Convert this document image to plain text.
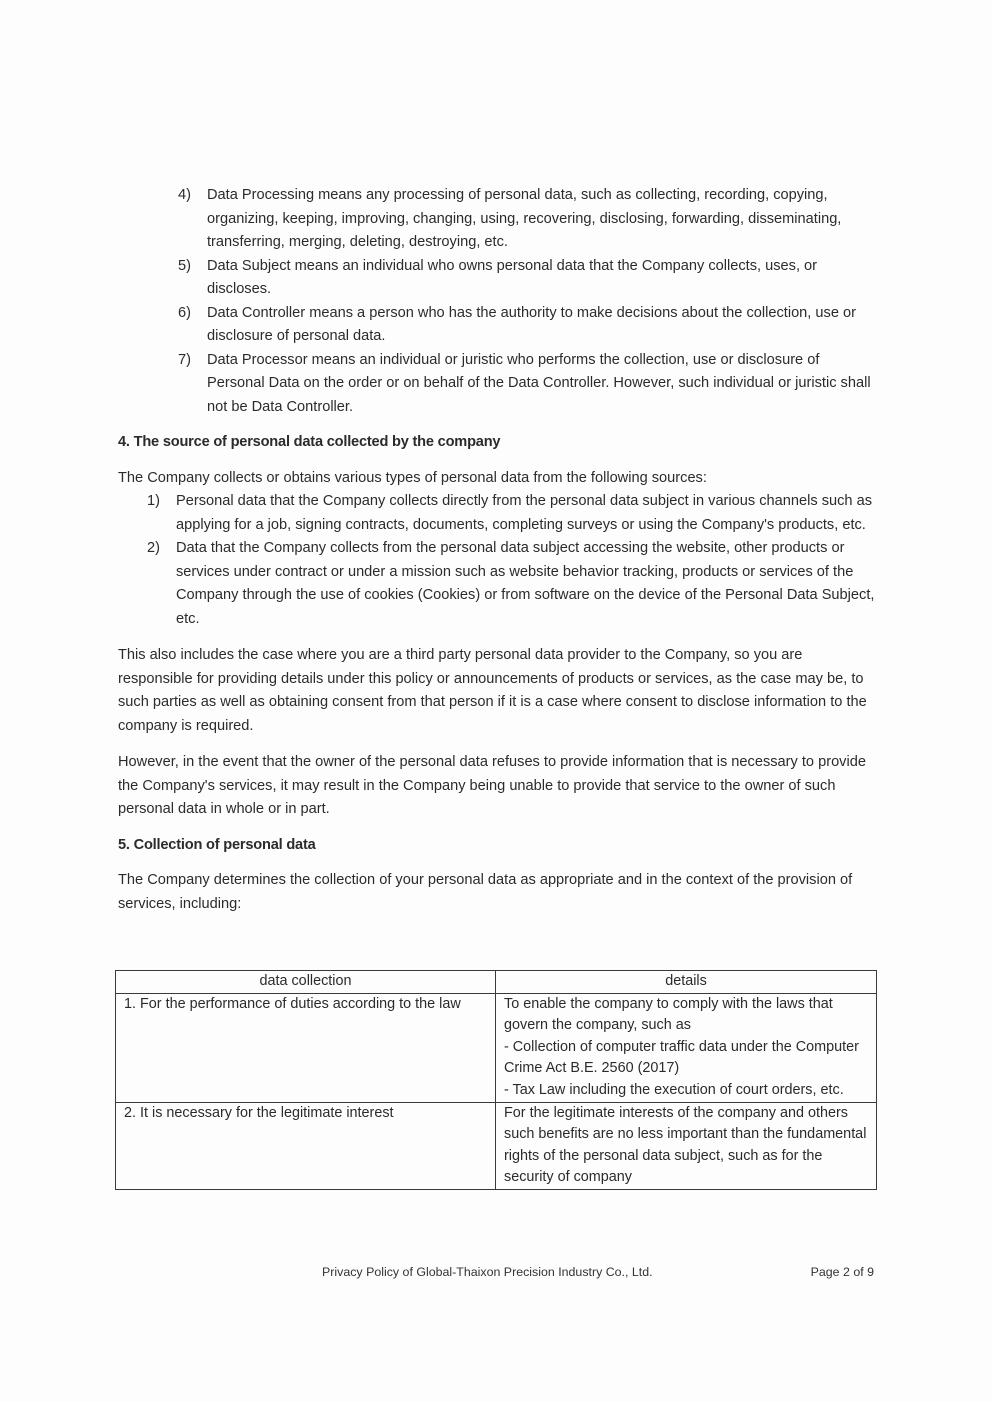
4) Data Processing means any processing of personal data, such as collecting, recording, copying, organizing, keeping, improving, changing, using, recovering, disclosing, forwarding, disseminating, transferring, merging, deleting, destroying, etc.
5) Data Subject means an individual who owns personal data that the Company collects, uses, or discloses.
6) Data Controller means a person who has the authority to make decisions about the collection, use or disclosure of personal data.
7) Data Processor means an individual or juristic who performs the collection, use or disclosure of Personal Data on the order or on behalf of the Data Controller. However, such individual or juristic shall not be Data Controller.
4. The source of personal data collected by the company

The Company collects or obtains various types of personal data from the following sources:

1) Personal data that the Company collects directly from the personal data subject in various channels such as applying for a job, signing contracts, documents, completing surveys or using the Company's products, etc.
2) Data that the Company collects from the personal data subject accessing the website, other products or services under contract or under a mission such as website behavior tracking, products or services of the Company through the use of cookies (Cookies) or from software on the device of the Personal Data Subject, etc.

This also includes the case where you are a third party personal data provider to the Company, so you are responsible for providing details under this policy or announcements of products or services, as the case may be, to such parties as well as obtaining consent from that person if it is a case where consent to disclose information to the company is required.

However, in the event that the owner of the personal data refuses to provide information that is necessary to provide the Company's services, it may result in the Company being unable to provide that service to the owner of such personal data in whole or in part.

5. Collection of personal data

The Company determines the collection of your personal data as appropriate and in the context of the provision of services, including:

data collection	details
1. For the performance of duties according to the law	To enable the company to comply with the laws that govern the company, such as
- Collection of computer traffic data under the Computer Crime Act B.E. 2560 (2017)
- Tax Law including the execution of court orders, etc.

2. It is necessary for the legitimate interest	For the legitimate interests of the company and others such benefits are no less important than the fundamental rights of the personal data subject, such as for the security of company
Privacy Policy of Global-Thaixon Precision Industry Co., Ltd.	Page 2 of 9
